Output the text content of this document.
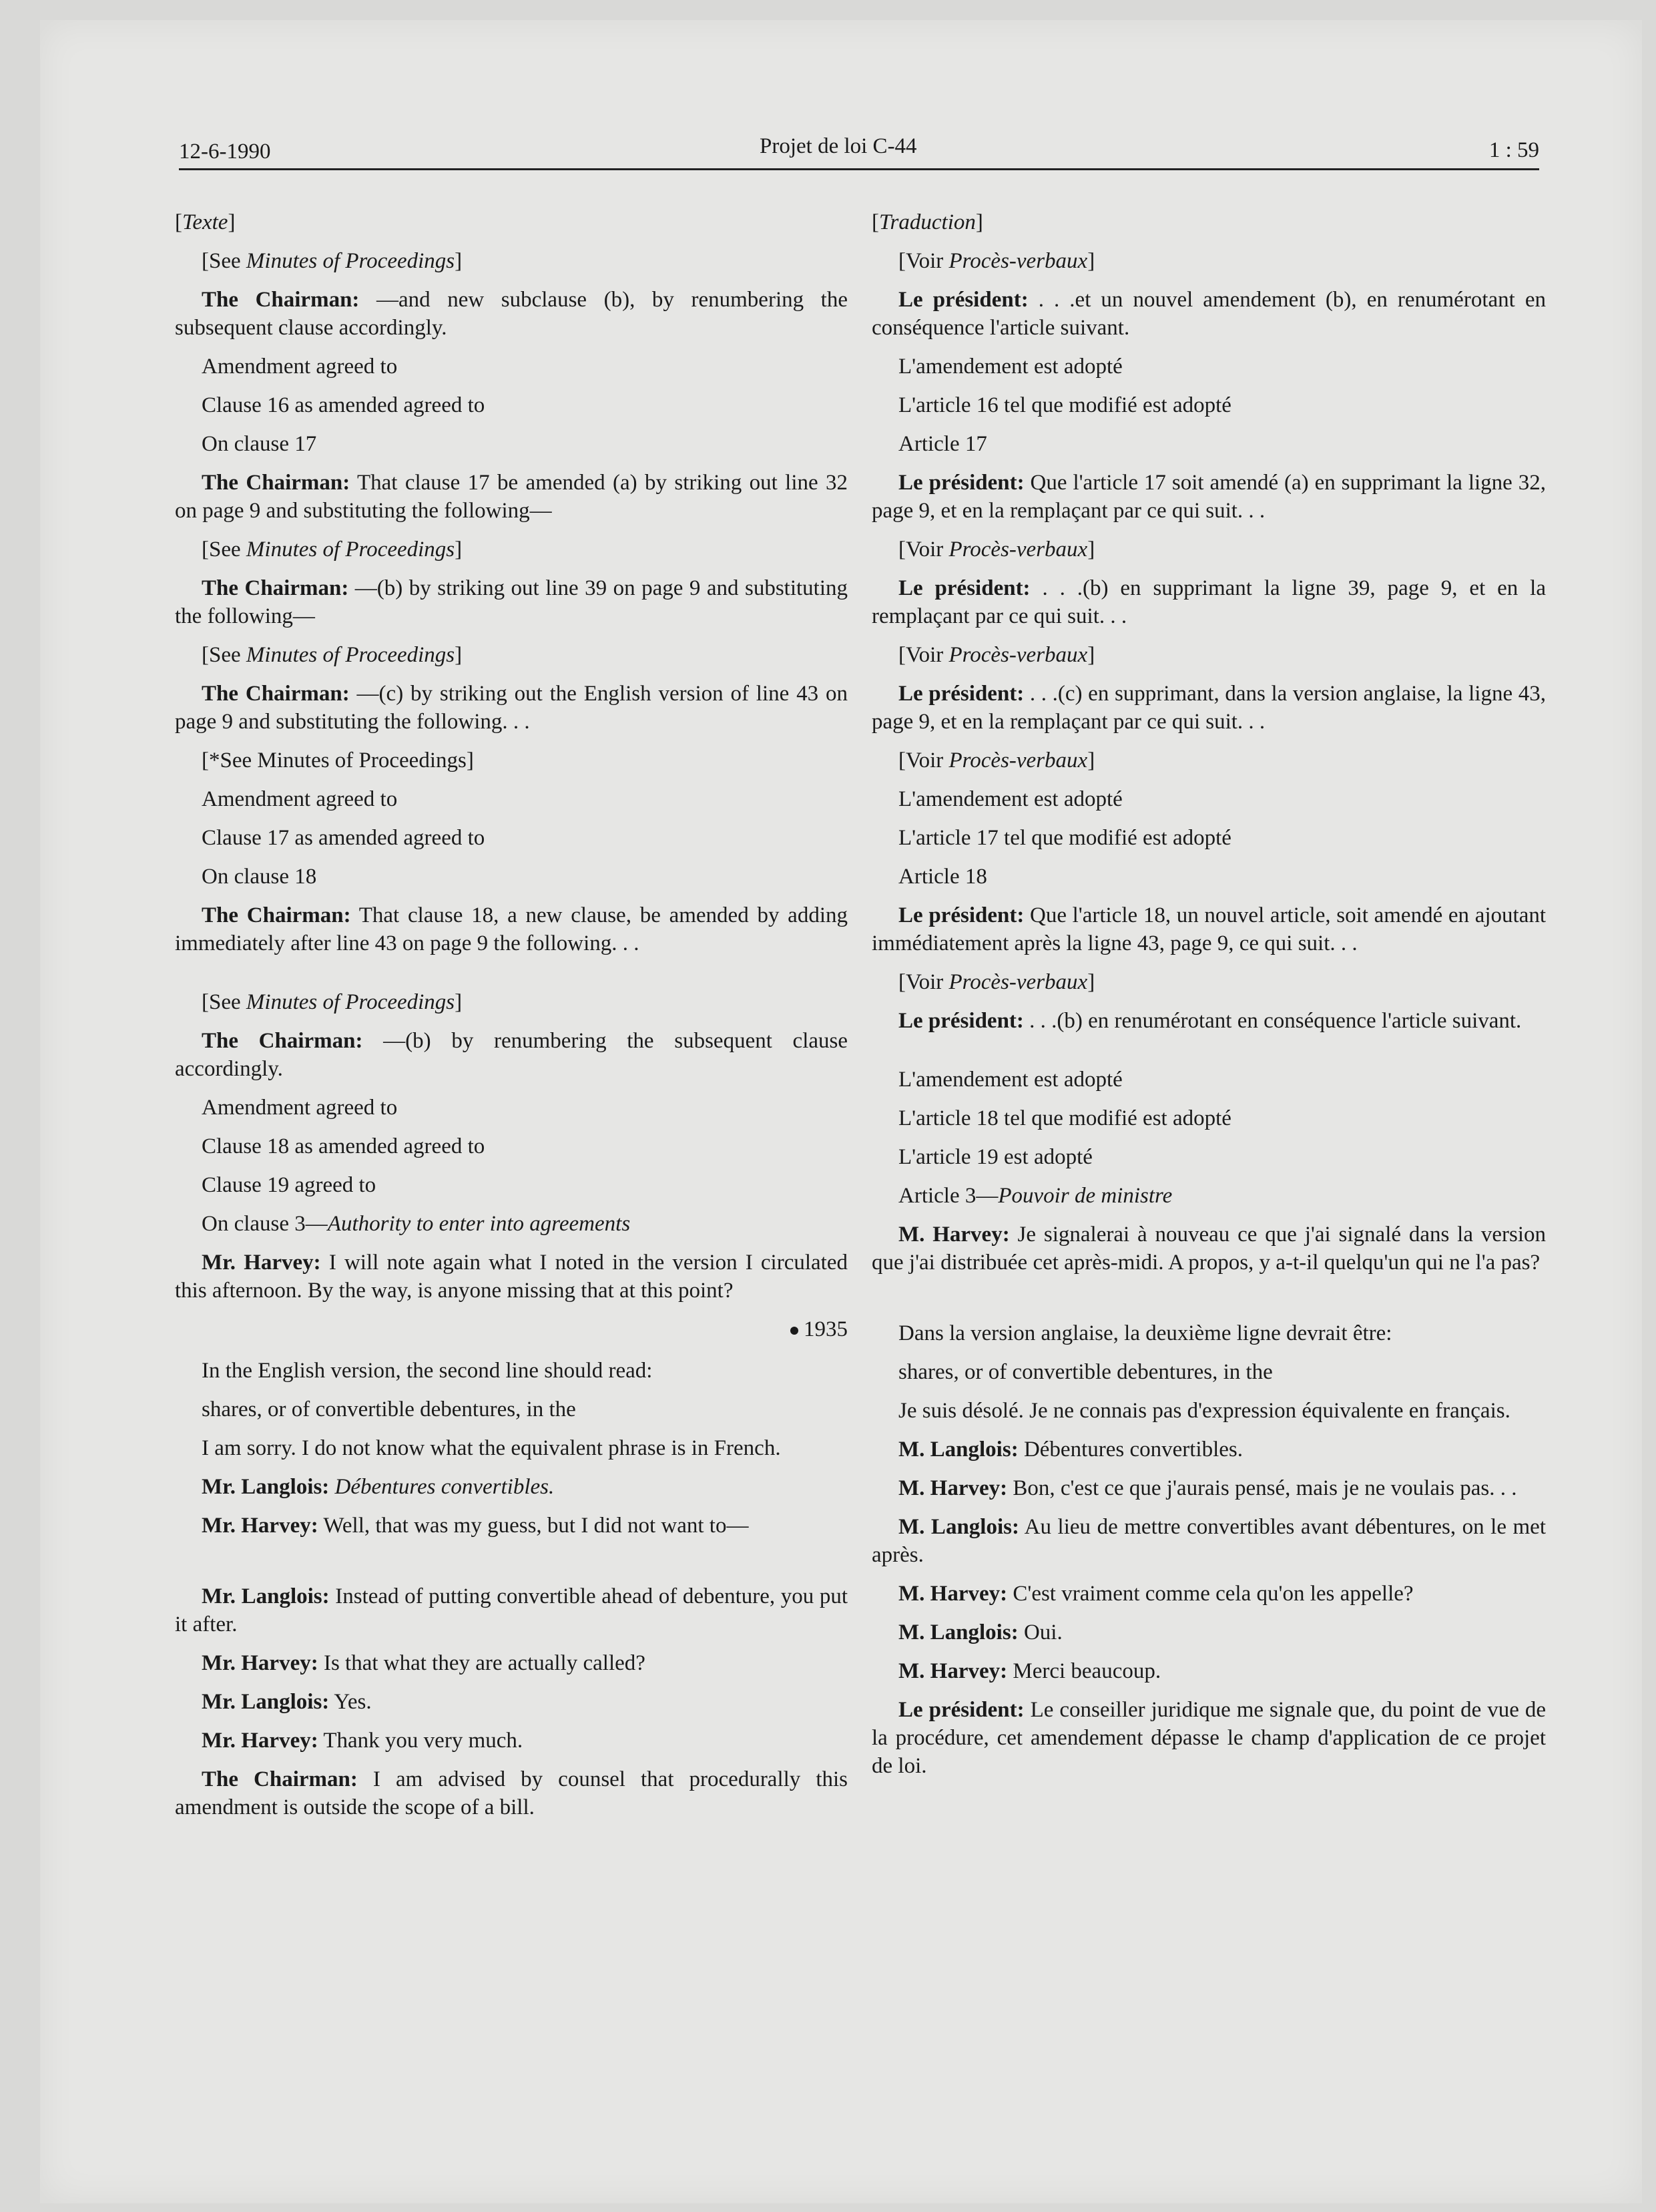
12-6-1990	Projet de loi C-44	1 : 59

[Texte]

[See Minutes of Proceedings]

The Chairman: —and new subclause (b), by renumbering the subsequent clause accordingly.

Amendment agreed to

Clause 16 as amended agreed to

On clause 17

The Chairman: That clause 17 be amended (a) by striking out line 32 on page 9 and substituting the following—

[See Minutes of Proceedings]

The Chairman: —(b) by striking out line 39 on page 9 and substituting the following—

[See Minutes of Proceedings]

The Chairman: —(c) by striking out the English version of line 43 on page 9 and substituting the following. . .

[*See Minutes of Proceedings]

Amendment agreed to

Clause 17 as amended agreed to

On clause 18

The Chairman: That clause 18, a new clause, be amended by adding immediately after line 43 on page 9 the following. . .

[See Minutes of Proceedings]

The Chairman: —(b) by renumbering the subsequent clause accordingly.

Amendment agreed to

Clause 18 as amended agreed to

Clause 19 agreed to

On clause 3—Authority to enter into agreements

Mr. Harvey: I will note again what I noted in the version I circulated this afternoon. By the way, is anyone missing that at this point?

1935

In the English version, the second line should read:

shares, or of convertible debentures, in the

I am sorry. I do not know what the equivalent phrase is in French.

Mr. Langlois: Débentures convertibles.

Mr. Harvey: Well, that was my guess, but I did not want to—

Mr. Langlois: Instead of putting convertible ahead of debenture, you put it after.

Mr. Harvey: Is that what they are actually called?

Mr. Langlois: Yes.

Mr. Harvey: Thank you very much.

The Chairman: I am advised by counsel that procedurally this amendment is outside the scope of a bill.

[Traduction]

[Voir Procès-verbaux]

Le président: . . .et un nouvel amendement (b), en renumérotant en conséquence l'article suivant.

L'amendement est adopté

L'article 16 tel que modifié est adopté

Article 17

Le président: Que l'article 17 soit amendé (a) en supprimant la ligne 32, page 9, et en la remplaçant par ce qui suit. . .

[Voir Procès-verbaux]

Le président: . . .(b) en supprimant la ligne 39, page 9, et en la remplaçant par ce qui suit. . .

[Voir Procès-verbaux]

Le président: . . .(c) en supprimant, dans la version anglaise, la ligne 43, page 9, et en la remplaçant par ce qui suit. . .

[Voir Procès-verbaux]

L'amendement est adopté

L'article 17 tel que modifié est adopté

Article 18

Le président: Que l'article 18, un nouvel article, soit amendé en ajoutant immédiatement après la ligne 43, page 9, ce qui suit. . .

[Voir Procès-verbaux]

Le président: . . .(b) en renumérotant en conséquence l'article suivant.

L'amendement est adopté

L'article 18 tel que modifié est adopté

L'article 19 est adopté

Article 3—Pouvoir de ministre

M. Harvey: Je signalerai à nouveau ce que j'ai signalé dans la version que j'ai distribuée cet après-midi. A propos, y a-t-il quelqu'un qui ne l'a pas?

Dans la version anglaise, la deuxième ligne devrait être:

shares, or of convertible debentures, in the

Je suis désolé. Je ne connais pas d'expression équivalente en français.

M. Langlois: Débentures convertibles.

M. Harvey: Bon, c'est ce que j'aurais pensé, mais je ne voulais pas. . .

M. Langlois: Au lieu de mettre convertibles avant débentures, on le met après.

M. Harvey: C'est vraiment comme cela qu'on les appelle?

M. Langlois: Oui.

M. Harvey: Merci beaucoup.

Le président: Le conseiller juridique me signale que, du point de vue de la procédure, cet amendement dépasse le champ d'application de ce projet de loi.
